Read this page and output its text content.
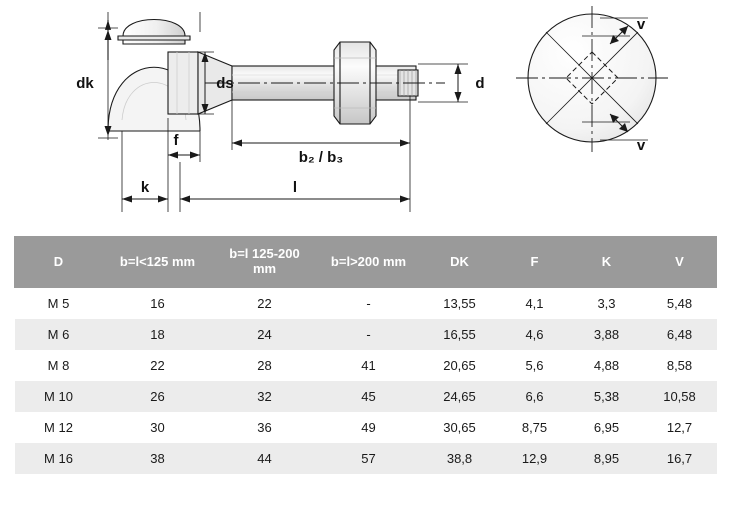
dk	ds	d
f
k
b₂ / b₃
l
v
v
D	b=l<125 mm	b=l 125-200 mm	b=l>200 mm	DK	F	K	V
M 5	16	22	-	13,55	4,1	3,3	5,48
M 6	18	24	-	16,55	4,6	3,88	6,48
M 8	22	28	41	20,65	5,6	4,88	8,58
M 10	26	32	45	24,65	6,6	5,38	10,58
M 12	30	36	49	30,65	8,75	6,95	12,7
M 16	38	44	57	38,8	12,9	8,95	16,7
